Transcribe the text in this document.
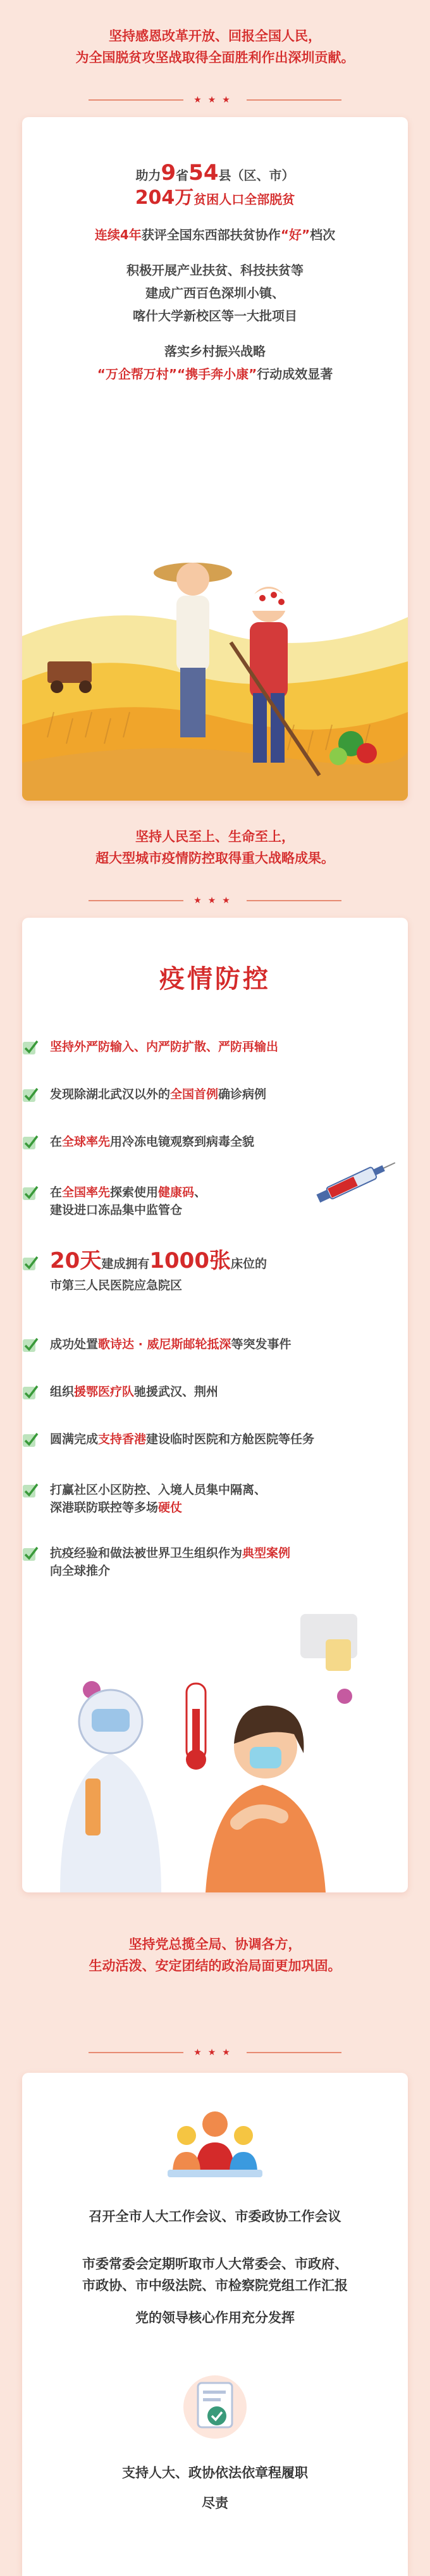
坚持感恩改革开放、回报全国人民，
为全国脱贫攻坚战取得全面胜利作出深圳贡献。
★★★
助力9省54县（区、市）
204万贫困人口全部脱贫
连续4年获评全国东西部扶贫协作“好”档次
积极开展产业扶贫、科技扶贫等
建成广西百色深圳小镇、
喀什大学新校区等一大批项目
落实乡村振兴战略
“万企帮万村”“携手奔小康”行动成效显著
坚持人民至上、生命至上，
超大型城市疫情防控取得重大战略成果。
★★★
疫情防控
坚持外严防输入、内严防扩散、严防再输出
发现除湖北武汉以外的全国首例确诊病例
在全球率先用冷冻电镜观察到病毒全貌
在全国率先探索使用健康码、
建设进口冻品集中监管仓
20天建成拥有1000张床位的
市第三人民医院应急院区
成功处置歌诗达 · 威尼斯邮轮抵深等突发事件
组织援鄂医疗队驰援武汉、荆州
圆满完成支持香港建设临时医院和方舱医院等任务
打赢社区小区防控、入境人员集中隔离、
深港联防联控等多场硬仗
抗疫经验和做法被世界卫生组织作为典型案例
向全球推介
坚持党总揽全局、协调各方，
生动活泼、安定团结的政治局面更加巩固。
★★★
召开全市人大工作会议、市委政协工作会议
市委常委会定期听取市人大常委会、市政府、
市政协、市中级法院、市检察院党组工作汇报
党的领导核心作用充分发挥
支持人大、政协依法依章程履职
尽责
